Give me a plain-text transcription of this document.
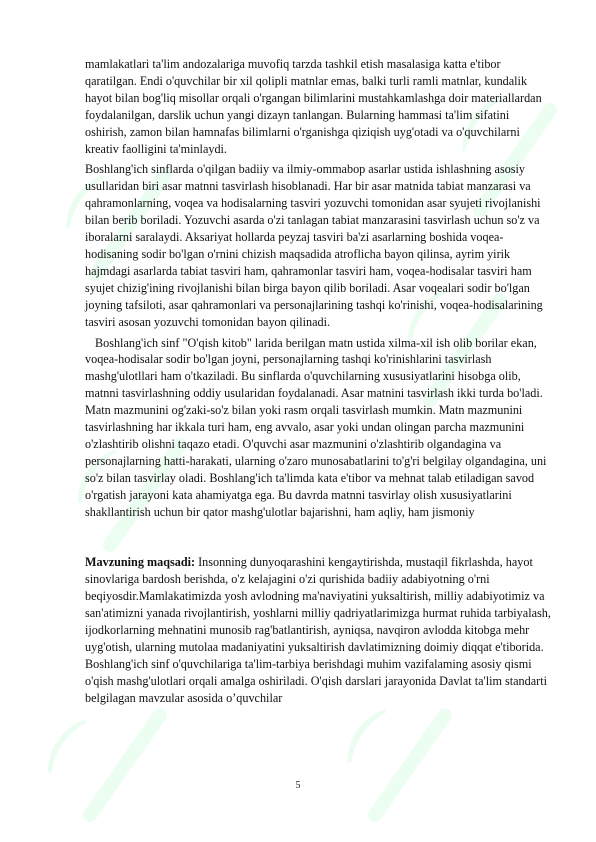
⌒
⌒
⌒
⌒
⌒	⌒

mamlakatlari ta'lim andozalariga muvofiq tarzda tashkil etish masalasiga katta e'tibor qaratilgan. Endi o'quvchilar bir xil qolipli matnlar emas, balki turli ramli matnlar, kundalik hayot bilan bog'liq misollar orqali o'rgangan bilimlarini mustahkamlashga doir materiallardan foydalanilgan, darslik uchun yangi dizayn tanlangan. Bularning hammasi ta'lim sifatini oshirish, zamon bilan hamnafas bilimlarni o'rganishga qiziqish uyg'otadi va o'quvchilarni kreativ faolligini ta'minlaydi.

Boshlang'ich sinflarda o'qilgan badiiy va ilmiy-ommabop asarlar ustida ishlashning asosiy usullaridan biri asar matnni tasvirlash hisoblanadi. Har bir asar matnida tabiat manzarasi va qahramonlarning, voqea va hodisalarning tasviri yozuvchi tomonidan asar syujeti rivojlanishi bilan berib boriladi. Yozuvchi asarda o'zi tanlagan tabiat manzarasini tasvirlash uchun so'z va iboralarni saralaydi. Aksariyat hollarda peyzaj tasviri ba'zi asarlarning boshida voqea-hodisaning sodir bo'lgan o'rnini chizish maqsadida atroflicha bayon qilinsa, ayrim yirik hajmdagi asarlarda tabiat tasviri ham, qahramonlar tasviri ham, voqea-hodisalar tasviri ham syujet chizig'ining rivojlanishi bilan birga bayon qilib boriladi. Asar voqealari sodir bo'lgan joyning tafsiloti, asar qahramonlari va personajlarining tashqi ko'rinishi, voqea-hodisalarining tasviri asosan yozuvchi tomonidan bayon qilinadi.

Boshlang'ich sinf "O'qish kitob" larida berilgan matn ustida xilma-xil ish olib borilar ekan, voqea-hodisalar sodir bo'lgan joyni, personajlarning tashqi ko'rinishlarini tasvirlash mashg'ulotllari ham o'tkaziladi. Bu sinflarda o'quvchilarning xususiyatlarini hisobga olib, matnni tasvirlashning oddiy usularidan foydalanadi. Asar matnini tasvirlash ikki turda bo'ladi. Matn mazmunini og'zaki-so'z bilan yoki rasm orqali tasvirlash mumkin. Matn mazmunini tasvirlashning har ikkala turi ham, eng avvalo, asar yoki undan olingan parcha mazmunini o'zlashtirib olishni taqazo etadi. O'quvchi asar mazmunini o'zlashtirib olgandagina va personajlarning hatti-harakati, ularning o'zaro munosabatlarini to'g'ri belgilay olgandagina, uni so'z bilan tasvirlay oladi. Boshlang'ich ta'limda kata e'tibor va mehnat talab etiladigan savod o'rgatish jarayoni kata ahamiyatga ega. Bu davrda matnni tasvirlay olish xususiyatlarini shakllantirish uchun bir qator mashg'ulotlar bajarishni, ham aqliy, ham jismoniy

Mavzuning maqsadi: Insonning dunyoqarashini kengaytirishda, mustaqil fikrlashda, hayot sinovlariga bardosh berishda, o'z kelajagini o'zi qurishida badiiy adabiyotning o'rni beqiyosdir.Mamlakatimizda yosh avlodning ma'naviyatini yuksaltirish, milliy adabiyotimiz va san'atimizni yanada rivojlantirish, yoshlarni milliy qadriyatlarimizga hurmat ruhida tarbiyalash, ijodkorlarning mehnatini munosib rag'batlantirish, ayniqsa, navqiron avlodda kitobga mehr uyg'otish, ularning mutolaa madaniyatini yuksaltirish davlatimizning doimiy diqqat e'tiborida. Boshlang'ich sinf o'quvchilariga ta'lim-tarbiya berishdagi muhim vazifalaming asosiy qismi o'qish mashg'ulotlari orqali amalga oshiriladi. O'qish darslari jarayonida Davlat ta'lim standarti belgilagan mavzular asosida o’quvchilar

5
